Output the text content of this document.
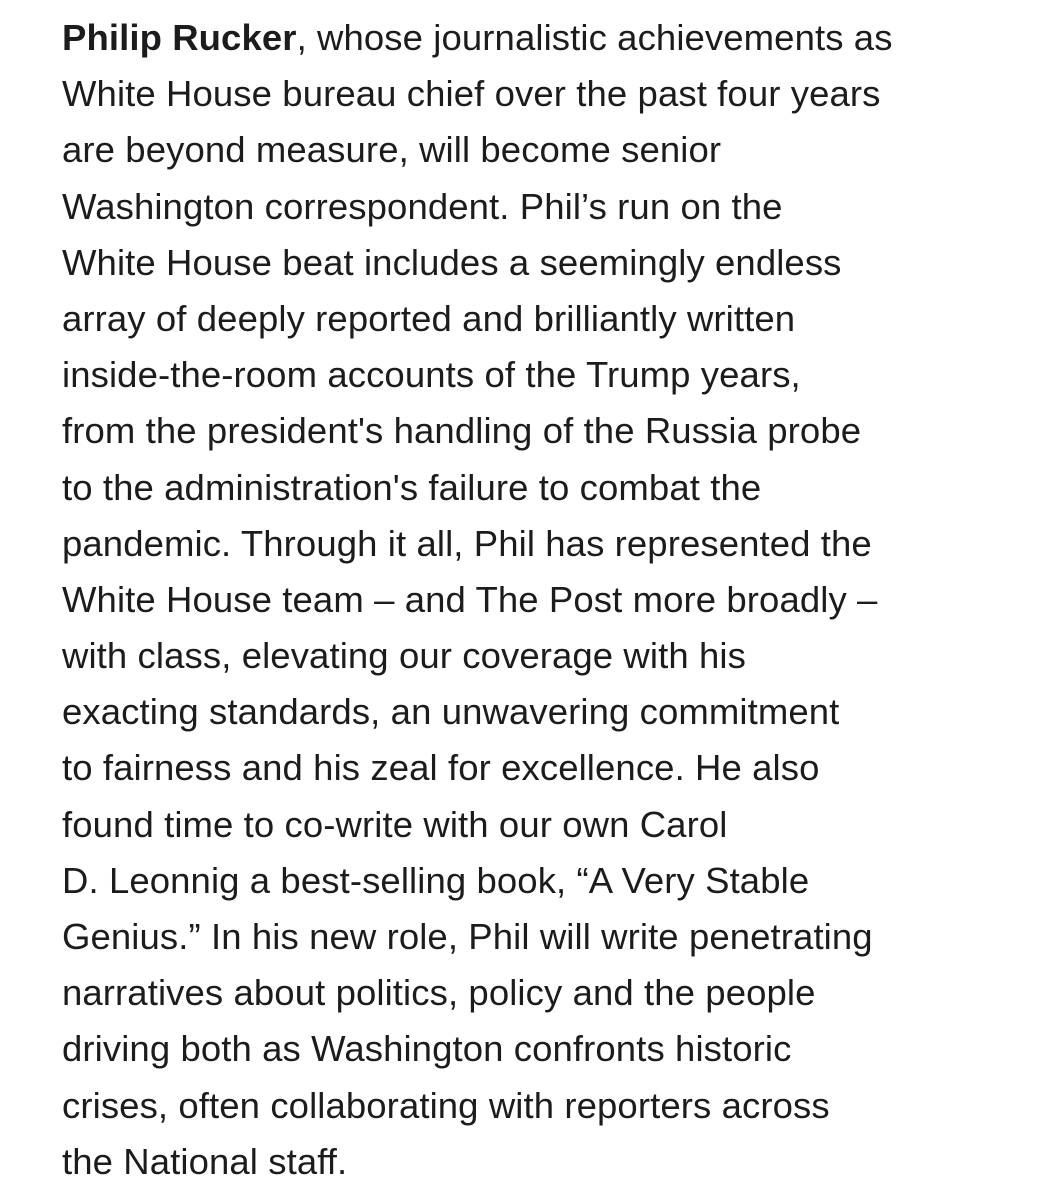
Philip Rucker, whose journalistic achievements as
White House bureau chief over the past four years
are beyond measure, will become senior
Washington correspondent. Phil’s run on the
White House beat includes a seemingly endless
array of deeply reported and brilliantly written
inside-the-room accounts of the Trump years,
from the president's handling of the Russia probe
to the administration's failure to combat the
pandemic. Through it all, Phil has represented the
White House team – and The Post more broadly –
with class, elevating our coverage with his
exacting standards, an unwavering commitment
to fairness and his zeal for excellence. He also
found time to co-write with our own Carol
D. Leonnig a best-selling book, “A Very Stable
Genius.” In his new role, Phil will write penetrating
narratives about politics, policy and the people
driving both as Washington confronts historic
crises, often collaborating with reporters across
the National staff.
